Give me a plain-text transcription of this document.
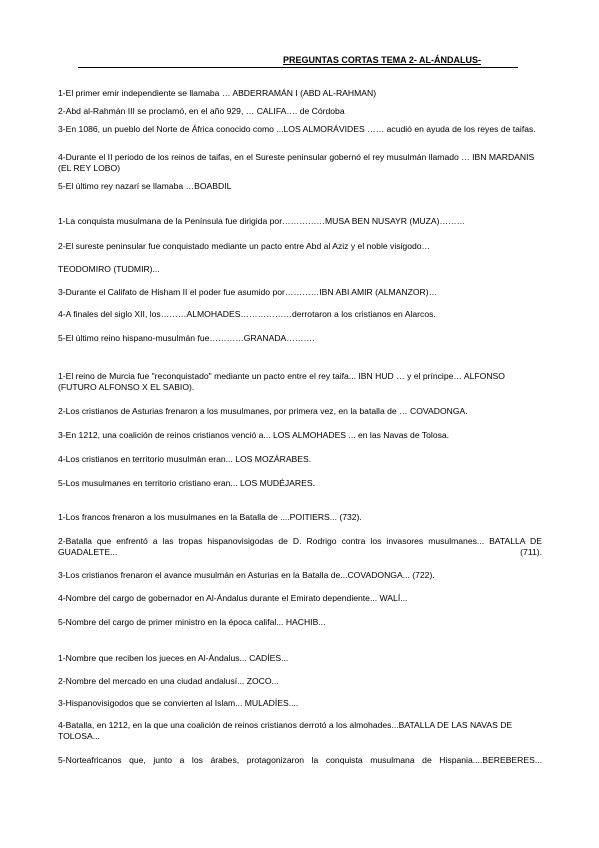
PREGUNTAS CORTAS TEMA 2- AL-ÁNDALUS-
1-El primer emir independiente se llamaba … ABDERRAMÁN I (ABD AL-RAHMAN)
2-Abd al-Rahmán III se proclamó, en el año 929, … CALIFA…. de Córdoba
3-En 1086, un pueblo del Norte de África conocido como ...LOS ALMORÁVIDES …… acudió en ayuda de los reyes de taifas.
4-Durante el II periodo de los reinos de taifas, en el Sureste peninsular gobernó el rey musulmán llamado … IBN MARDANIS (EL REY LOBO)
5-El último rey nazarí se llamaba …BOABDIL
1-La conquista musulmana de la Península fue dirigida por……………MUSA BEN NUSAYR (MUZA)………
2-El sureste peninsular fue conquistado mediante un pacto entre Abd al Aziz y el noble visigodo…
TEODOMIRO (TUDMIR)...
3-Durante el Califato de Hisham II el poder fue asumido por…………IBN ABI AMIR (ALMANZOR)…
4-A finales del siglo XII, los………ALMOHADES………………derrotaron a los cristianos en Alarcos.
5-El último reino hispano-musulmán fue…………GRANADA……….
1-El reino de Murcia fue "reconquistado" mediante un pacto entre el rey taifa... IBN HUD … y el príncipe… ALFONSO (FUTURO ALFONSO X EL SABIO).
2-Los cristianos de Asturias frenaron a los musulmanes, por primera vez, en la batalla de … COVADONGA.
3-En 1212, una coalición de reinos cristianos venció a... LOS ALMOHADES ... en las Navas de Tolosa.
4-Los cristianos en territorio musulmán eran... LOS MOZÁRABES.
5-Los musulmanes en territorio cristiano eran... LOS MUDÉJARES.
1-Los francos frenaron a los musulmanes en la Batalla de ....POITIERS... (732).
2-Batalla que enfrentó a las tropas hispanovisigodas de D. Rodrigo contra los invasores musulmanes... BATALLA DE GUADALETE... (711).
3-Los cristianos frenaron el avance musulmán en Asturias en la Batalla de...COVADONGA... (722).
4-Nombre del cargo de gobernador en Al-Ándalus durante el Emirato dependiente... WALÍ...
5-Nombre del cargo de primer ministro en la época califal... HACHIB...
1-Nombre que reciben los jueces en Al-Ándalus... CADÍES...
2-Nombre del mercado en una ciudad andalusí... ZOCO...
3-Hispanovisigodos que se convierten al Islam... MULADÍES....
4-Batalla, en 1212, en la que una coalición de reinos cristianos derrotó a los almohades...BATALLA DE LAS NAVAS DE TOLOSA...
5-Norteafricanos que, junto a los árabes, protagonizaron la conquista musulmana de Hispania....BEREBERES...
